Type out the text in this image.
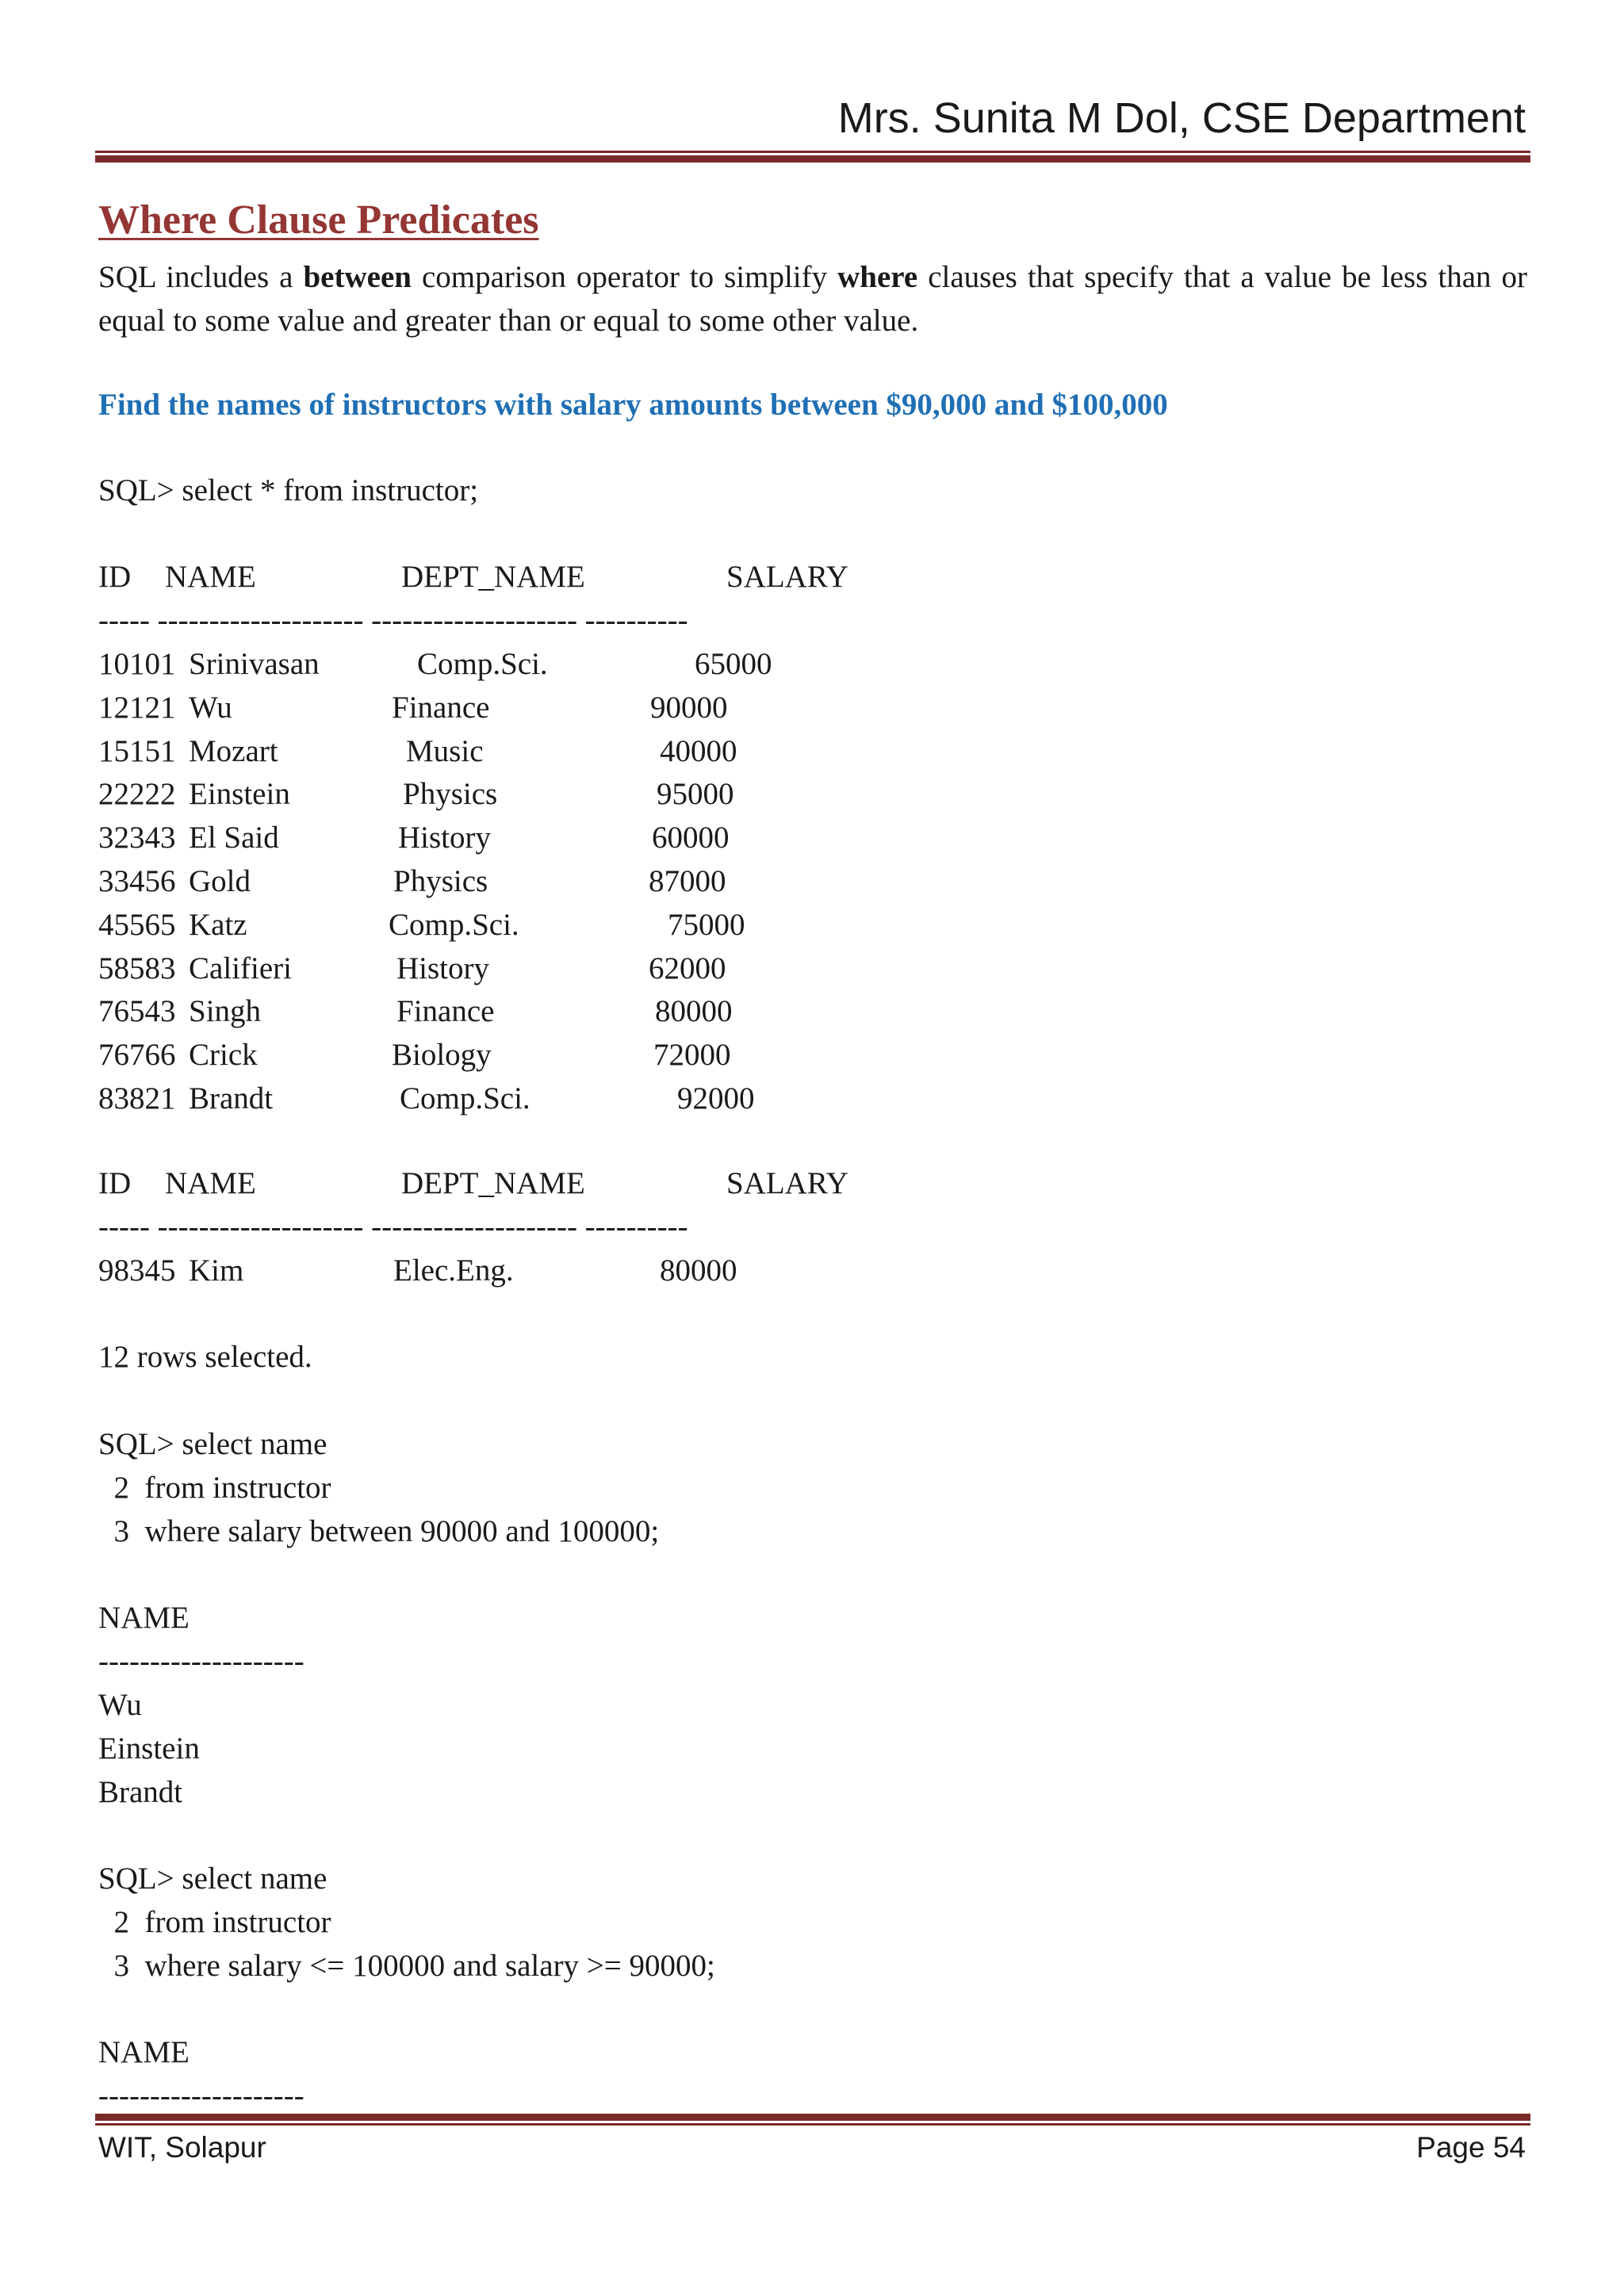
Mrs. Sunita M Dol, CSE Department
Where Clause Predicates
SQL includes a between comparison operator to simplify where clauses that specify that a value be less than or equal to some value and greater than or equal to some other value.
Find the names of instructors with salary amounts between $90,000 and $100,000
SQL> select * from instructor;
ID NAME	DEPT_NAME	SALARY
----- -------------------- -------------------- ----------
10101 Srinivasan	Comp.Sci.	65000
12121 Wu	Finance	90000
15151 Mozart	Music	40000
22222 Einstein	Physics	95000
32343 El Said	History	60000
33456 Gold	Physics	87000
45565 Katz	Comp.Sci.	75000
58583 Califieri	History	62000
76543 Singh	Finance	80000
76766 Crick	Biology	72000
83821 Brandt	Comp.Sci.	92000
ID NAME	DEPT_NAME	SALARY
----- -------------------- -------------------- ----------
98345 Kim	Elec.Eng.	80000
12 rows selected.
SQL> select name
2  from instructor
3  where salary between 90000 and 100000;
NAME
--------------------
Wu
Einstein
Brandt
SQL> select name
2  from instructor
3  where salary <= 100000 and salary >= 90000;
NAME
--------------------
WIT, Solapur	Page 54
